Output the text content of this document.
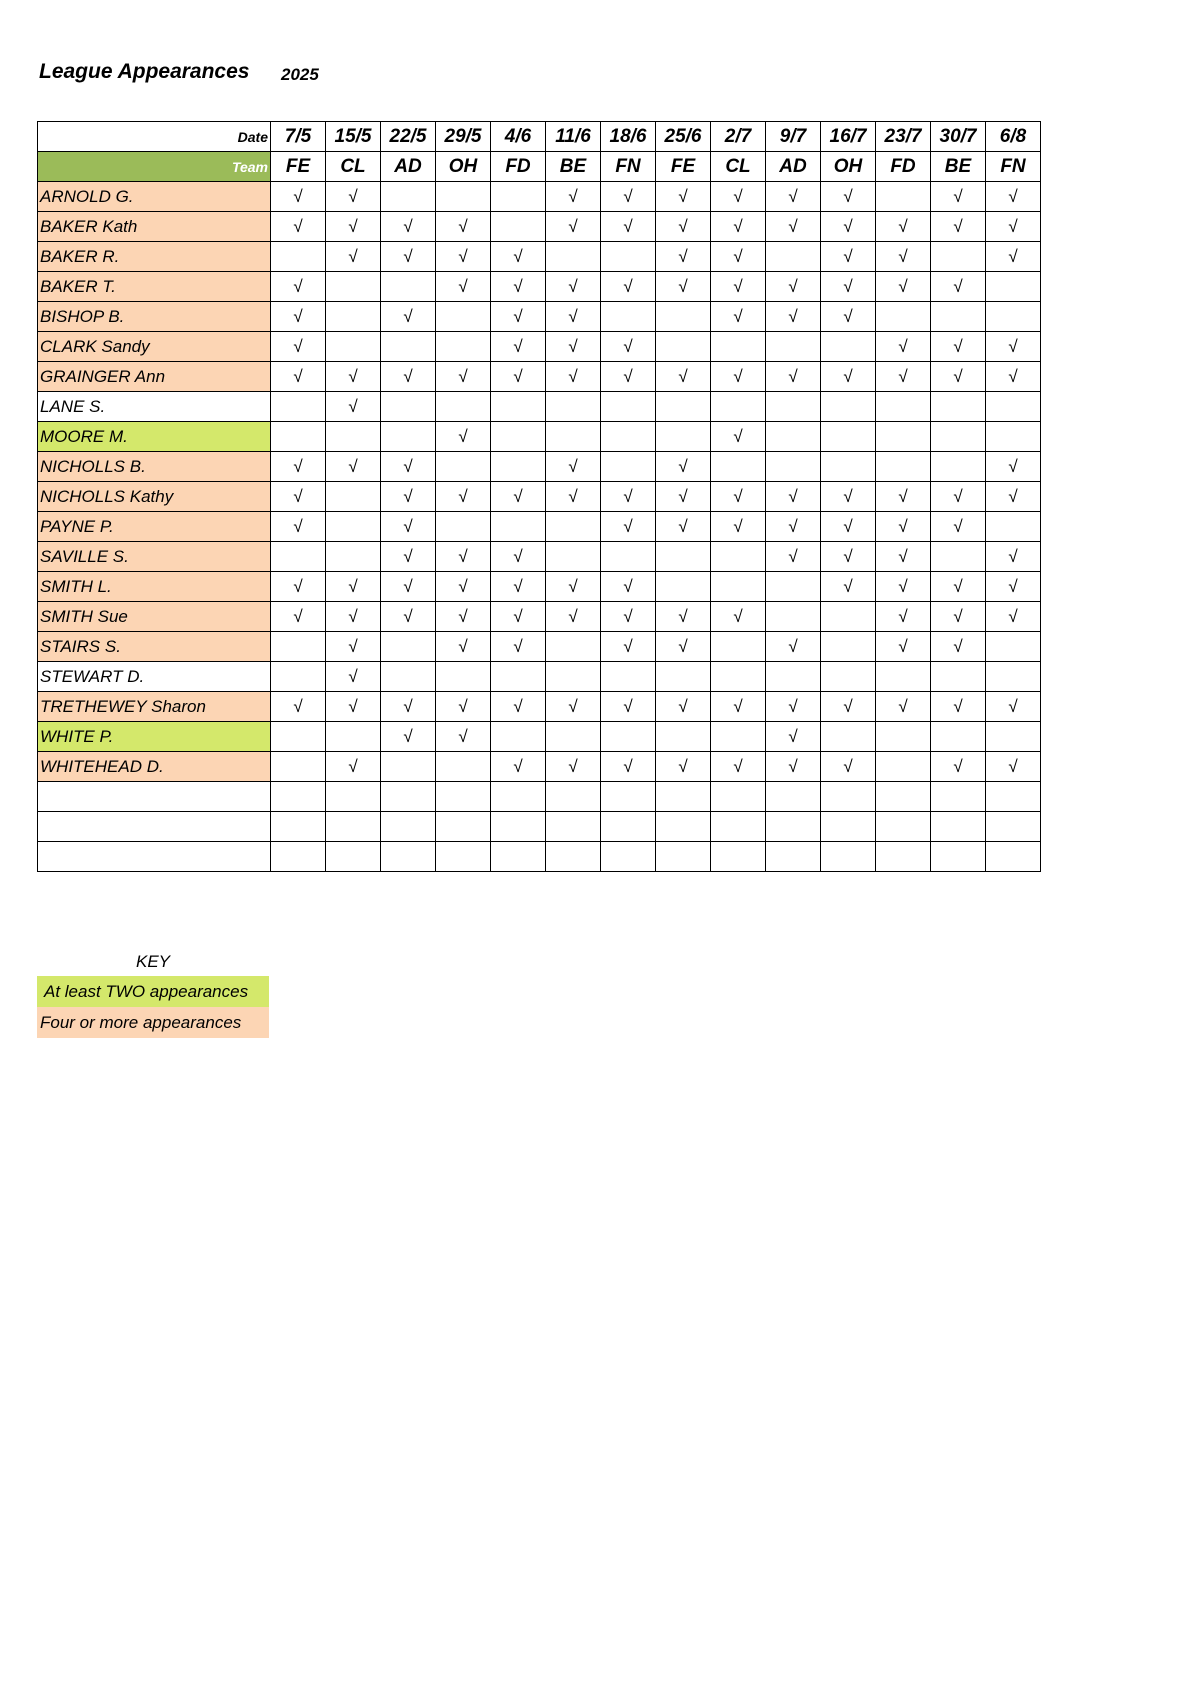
League Appearances 2025
Date	7/5	15/5	22/5	29/5	4/6	11/6	18/6	25/6	2/7	9/7	16/7	23/7	30/7	6/8
Team	FE	CL	AD	OH	FD	BE	FN	FE	CL	AD	OH	FD	BE	FN
ARNOLD G.	√	√				√	√	√	√	√	√		√	√
BAKER Kath	√	√	√	√		√	√	√	√	√	√	√	√	√
BAKER R.		√	√	√	√			√	√		√	√		√
BAKER T.	√			√	√	√	√	√	√	√	√	√	√	
BISHOP B.	√		√		√	√			√	√	√			
CLARK Sandy	√				√	√	√					√	√	√
GRAINGER Ann	√	√	√	√	√	√	√	√	√	√	√	√	√	√
LANE S.		√												
MOORE M.				√					√					
NICHOLLS B.	√	√	√			√		√						√
NICHOLLS Kathy	√		√	√	√	√	√	√	√	√	√	√	√	√
PAYNE P.	√		√				√	√	√	√	√	√	√	
SAVILLE S.			√	√	√					√	√	√		√
SMITH L.	√	√	√	√	√	√	√				√	√	√	√
SMITH Sue	√	√	√	√	√	√	√	√	√			√	√	√
STAIRS S.		√		√	√		√	√		√		√	√	
STEWART D.		√												
TRETHEWEY Sharon	√	√	√	√	√	√	√	√	√	√	√	√	√	√
WHITE P.			√	√						√				
WHITEHEAD D.		√			√	√	√	√	√	√	√		√	√

KEY
At least TWO appearances
Four or more appearances
